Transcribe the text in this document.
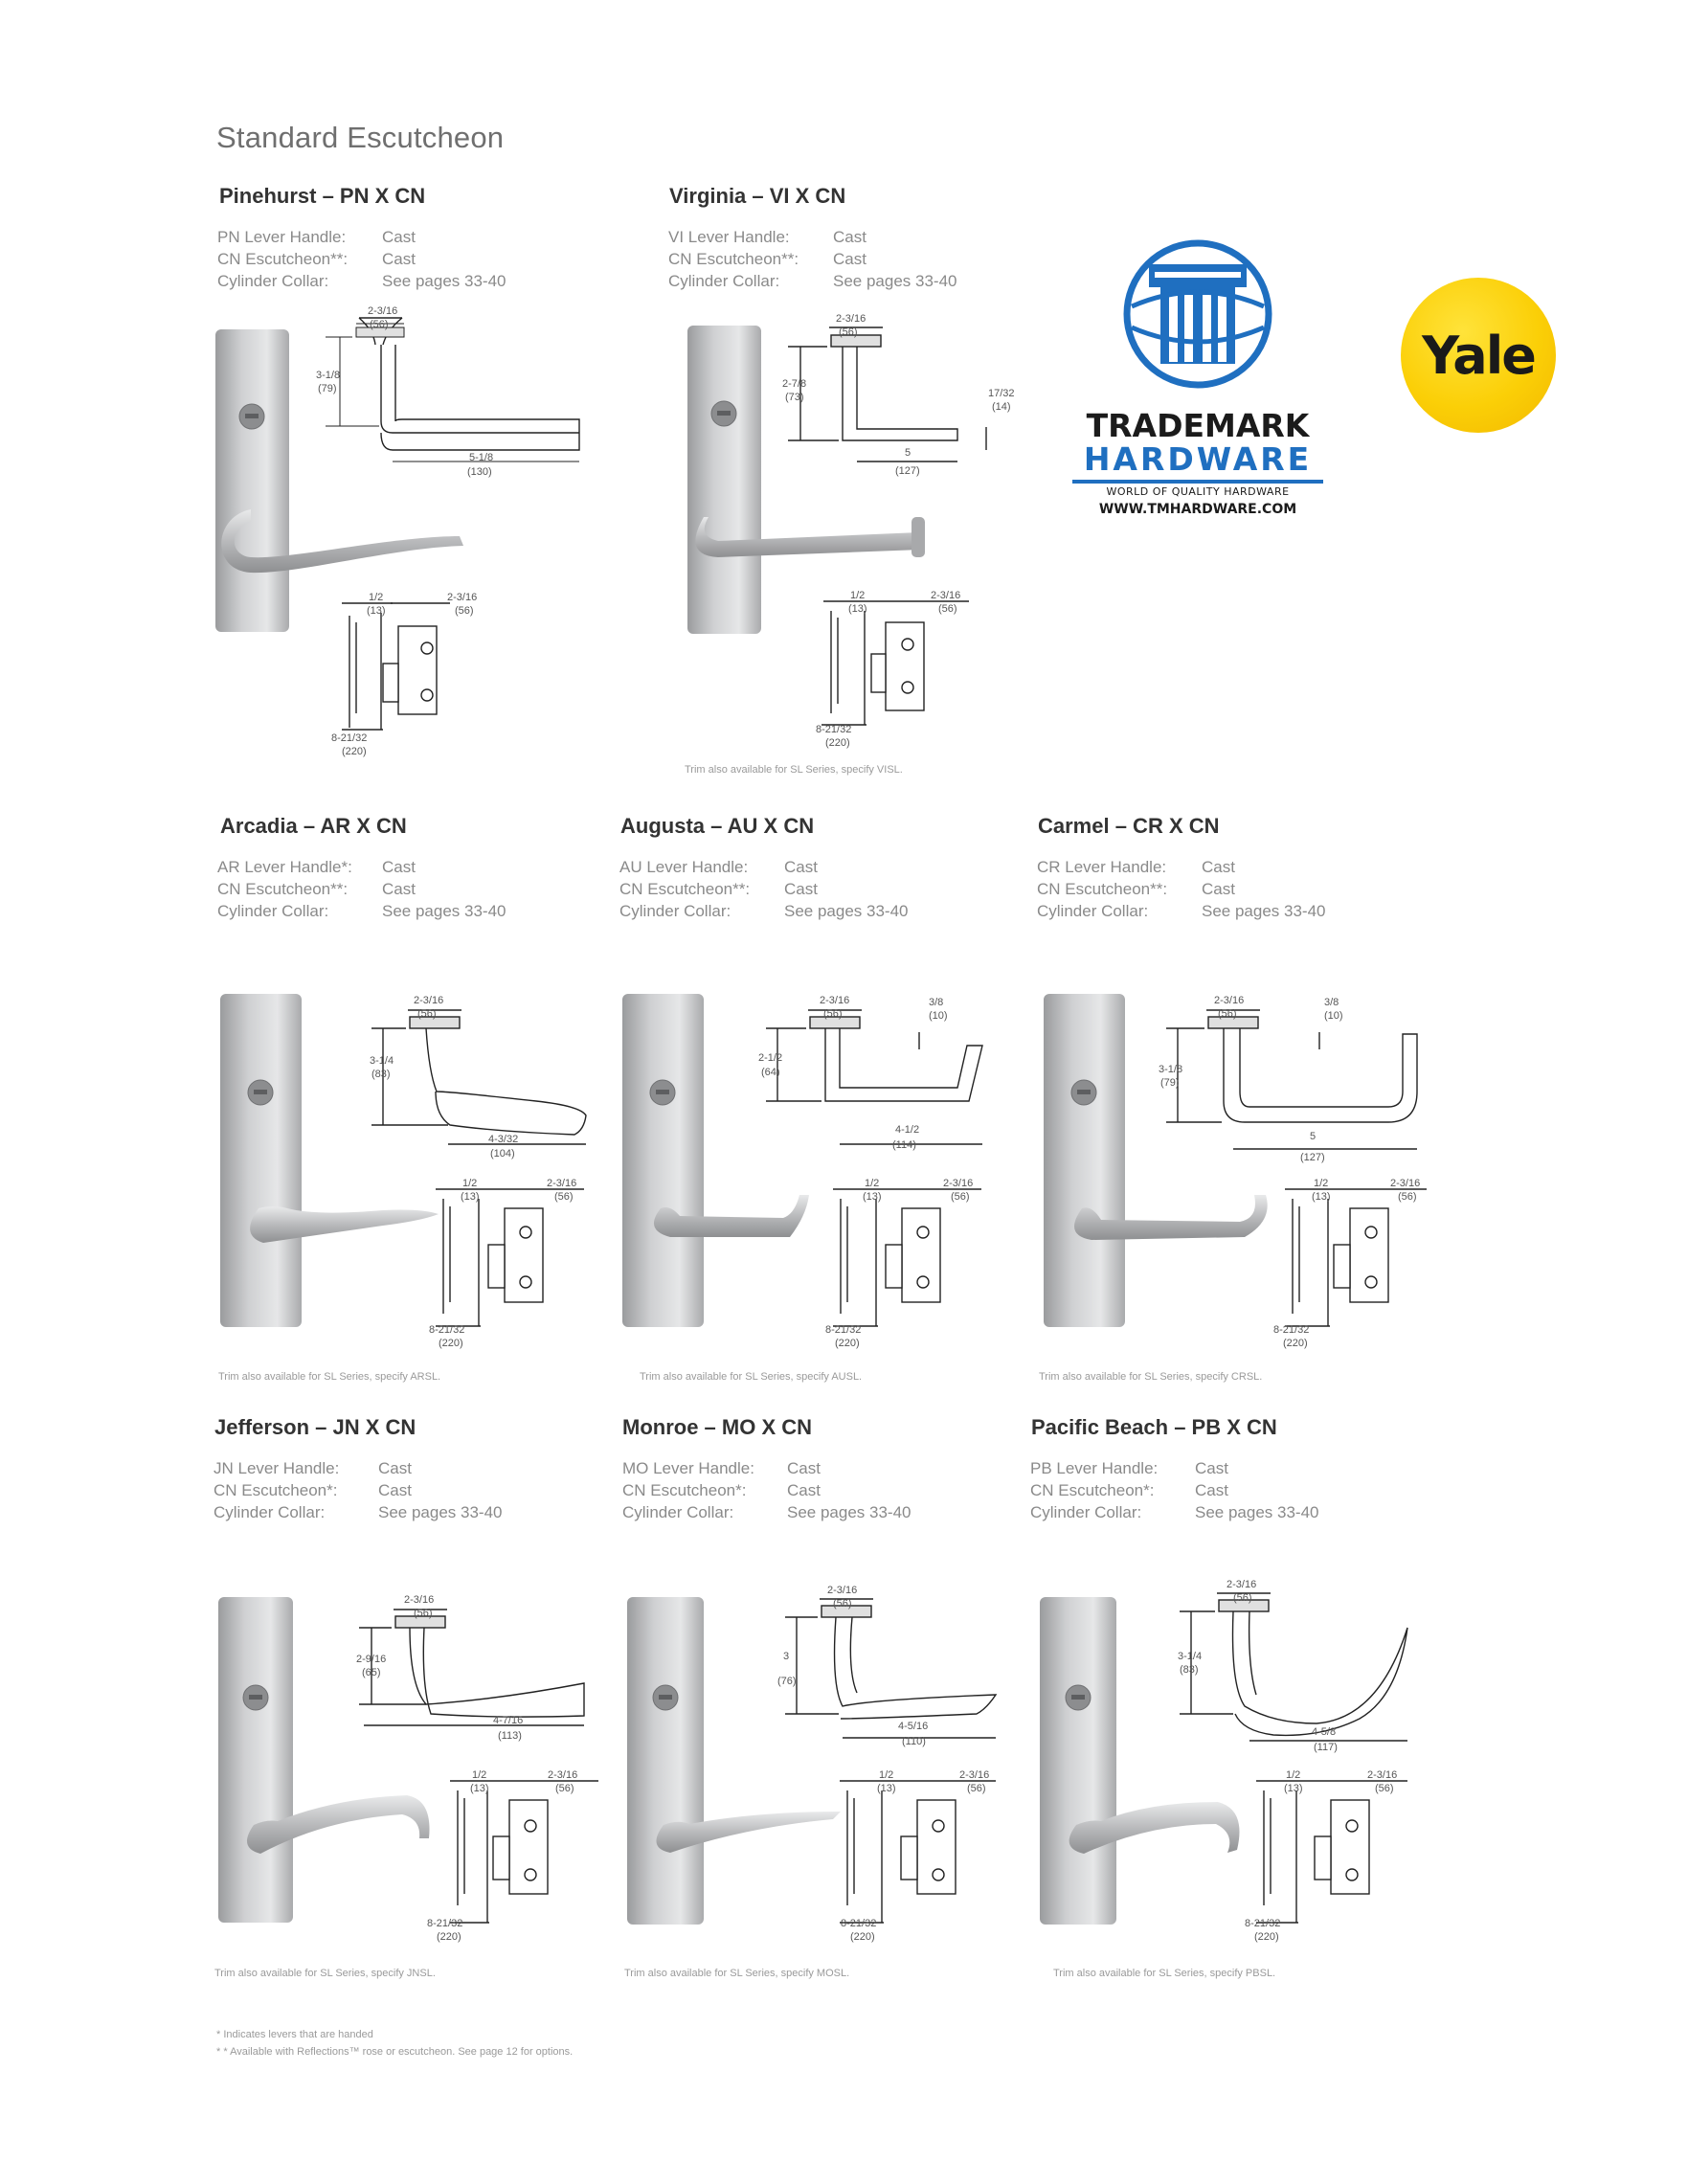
Standard Escutcheon
Pinehurst – PN X CN
PN Lever Handle:	Cast
CN Escutcheon**:	Cast
Cylinder Collar:	See pages 33-40
Virginia – VI X CN
VI Lever Handle:	Cast
CN Escutcheon**:	Cast
Cylinder Collar:	See pages 33-40
Trim also available for SL Series, specify VISL.
Arcadia – AR X CN
AR Lever Handle*:	Cast
CN Escutcheon**:	Cast
Cylinder Collar:	See pages 33-40
Trim also available for SL Series, specify ARSL.
Augusta – AU X CN
AU Lever Handle:	Cast
CN Escutcheon**:	Cast
Cylinder Collar:	See pages 33-40
Trim also available for SL Series, specify AUSL.
Carmel – CR X CN
CR Lever Handle:	Cast
CN Escutcheon**:	Cast
Cylinder Collar:	See pages 33-40
Trim also available for SL Series, specify CRSL.
Jefferson – JN X CN
JN Lever Handle:	Cast
CN Escutcheon*:	Cast
Cylinder Collar:	See pages 33-40
Trim also available for SL Series, specify JNSL.
Monroe – MO X CN
MO Lever Handle:	Cast
CN Escutcheon*:	Cast
Cylinder Collar:	See pages 33-40
Trim also available for SL Series, specify MOSL.
Pacific Beach – PB X CN
PB Lever Handle:	Cast
CN Escutcheon*:	Cast
Cylinder Collar:	See pages 33-40
Trim also available for SL Series, specify PBSL.
TRADEMARK
HARDWARE
WORLD OF QUALITY HARDWARE
WWW.TMHARDWARE.COM
Yale
* Indicates levers that are handed
* * Available with Reflections™ rose or escutcheon. See page 12 for options.
2-3/16
(56)
3-1/8
(79)
5-1/8
(130)
1/2
(13)
2-3/16
(56)
8-21/32
(220)
2-3/16
(56)
2-7/8
(73)
5
(127)
17/32
(14)
1/2
(13)
2-3/16
(56)
8-21/32
(220)
2-3/16
(56)
3-1/4
(83)
4-3/32
(104)
1/2
(13)
2-3/16
(56)
8-21/32
(220)
2-3/16
(56)
2-1/2
(64)
4-1/2
(114)
3/8
(10)
1/2
(13)
2-3/16
(56)
8-21/32
(220)
2-3/16
(56)
3-1/8
(79)
5
(127)
3/8
(10)
1/2
(13)
2-3/16
(56)
8-21/32
(220)
2-3/16
(56)
2-9/16
(65)
4-7/16
(113)
1/2
(13)
2-3/16
(56)
8-21/32
(220)
2-3/16
(56)
3
(76)
4-5/16
(110)
1/2
(13)
2-3/16
(56)
8-21/32
(220)
2-3/16
(56)
3-1/4
(83)
4-5/8
(117)
1/2
(13)
2-3/16
(56)
8-21/32
(220)
